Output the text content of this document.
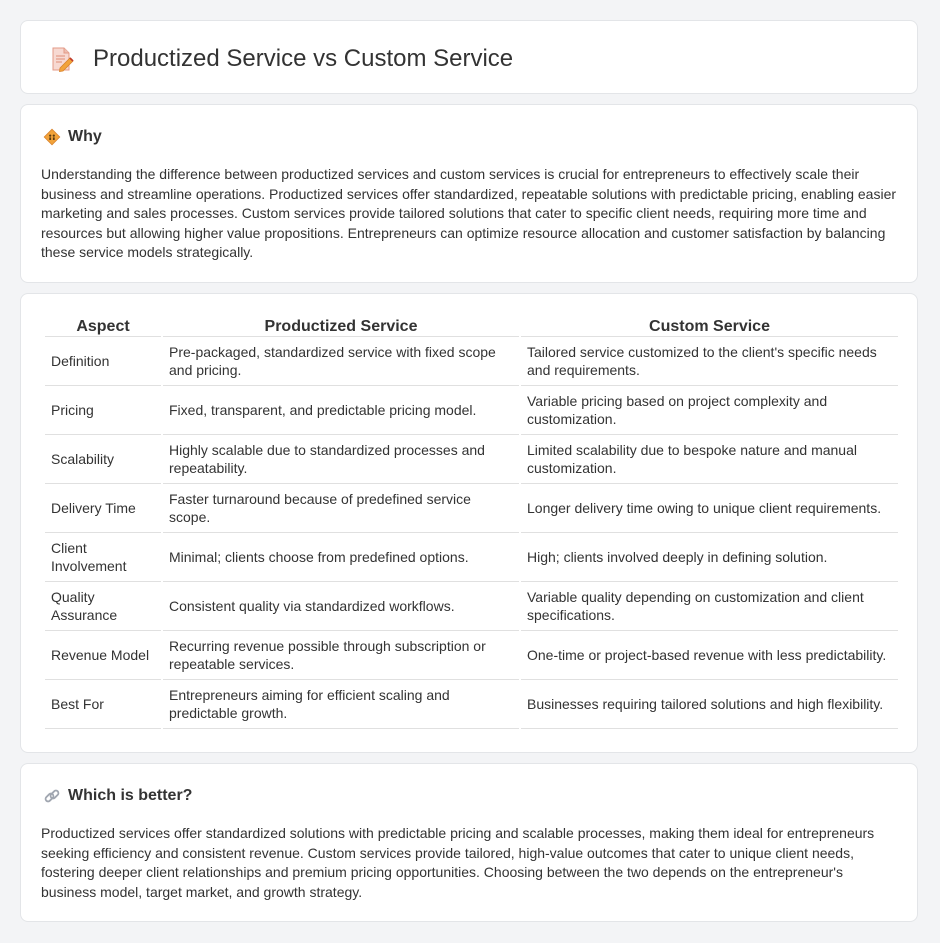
Productized Service vs Custom Service
Why

Understanding the difference between productized services and custom services is crucial for entrepreneurs to effectively scale their business and streamline operations. Productized services offer standardized, repeatable solutions with predictable pricing, enabling easier marketing and sales processes. Custom services provide tailored solutions that cater to specific client needs, requiring more time and resources but allowing higher value propositions. Entrepreneurs can optimize resource allocation and customer satisfaction by balancing these service models strategically.

Aspect	Productized Service	Custom Service
Definition	Pre-packaged, standardized service with fixed scope and pricing.	Tailored service customized to the client's specific needs and requirements.
Pricing	Fixed, transparent, and predictable pricing model.	Variable pricing based on project complexity and customization.
Scalability	Highly scalable due to standardized processes and repeatability.	Limited scalability due to bespoke nature and manual customization.
Delivery Time	Faster turnaround because of predefined service scope.	Longer delivery time owing to unique client requirements.
Client Involvement	Minimal; clients choose from predefined options.	High; clients involved deeply in defining solution.
Quality Assurance	Consistent quality via standardized workflows.	Variable quality depending on customization and client specifications.
Revenue Model	Recurring revenue possible through subscription or repeatable services.	One-time or project-based revenue with less predictability.
Best For	Entrepreneurs aiming for efficient scaling and predictable growth.	Businesses requiring tailored solutions and high flexibility.
Which is better?

Productized services offer standardized solutions with predictable pricing and scalable processes, making them ideal for entrepreneurs seeking efficiency and consistent revenue. Custom services provide tailored, high-value outcomes that cater to unique client needs, fostering deeper client relationships and premium pricing opportunities. Choosing between the two depends on the entrepreneur's business model, target market, and growth strategy.
